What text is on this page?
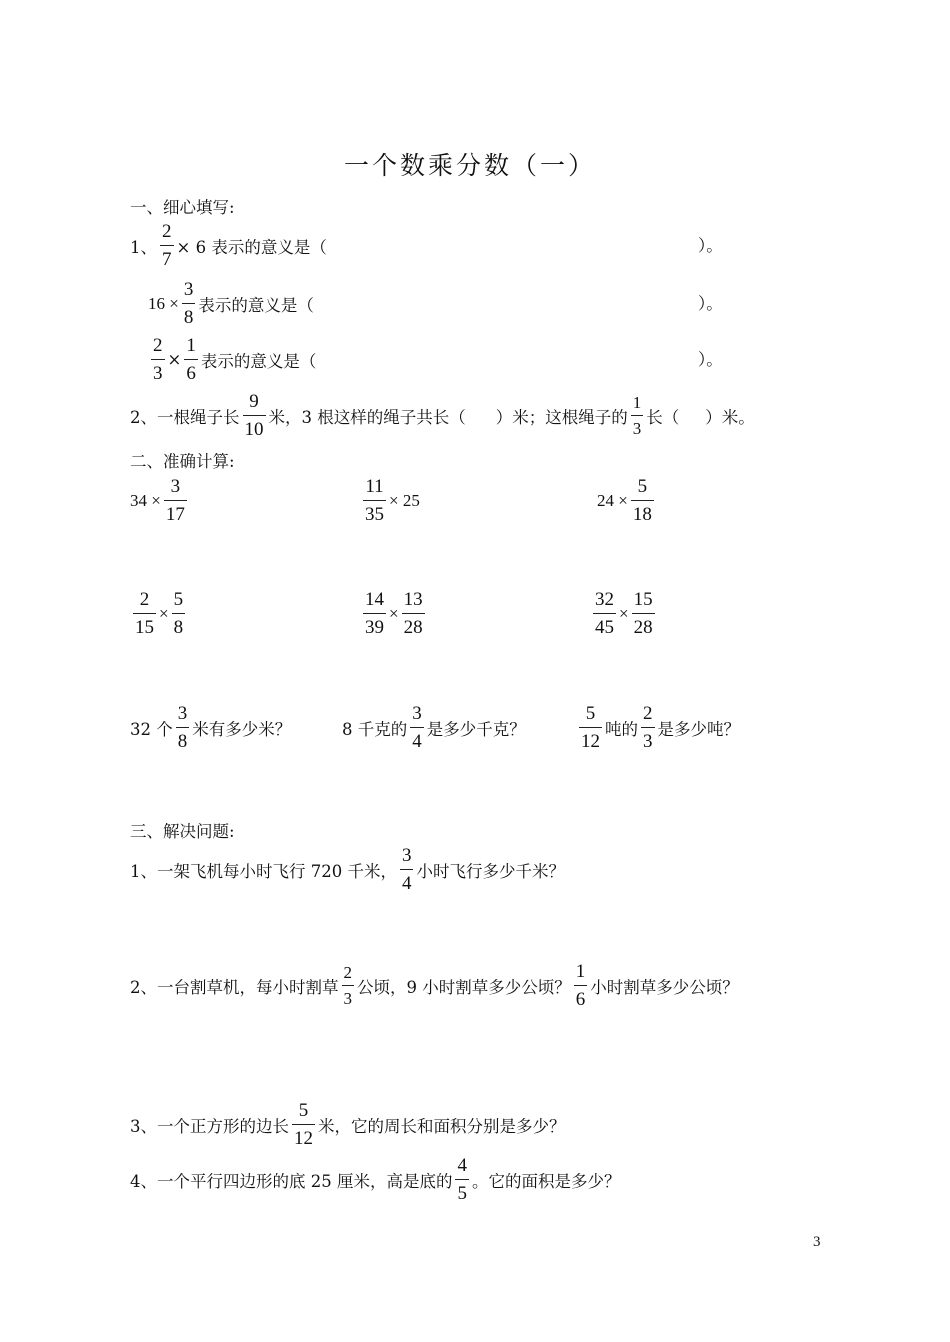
一个数乘分数（一）
一、细心填写:
1、 $\frac{2}{7} \times 6$ 表示的意义是（	）。
$16 \times \frac{3}{8}$ 表示的意义是（	）。
$\frac{2}{3} \times \frac{1}{6}$ 表示的意义是（	）。
2、一根绳子长 $\frac{9}{10}$ 米，3 根这样的绳子共长（ ）米；这根绳子的 $\frac{1}{3}$ 长（ ）米。
二、准确计算:
$34 \times \frac{3}{17}$	$\frac{11}{35} \times 25$	$24 \times \frac{5}{18}$
$\frac{2}{15} \times \frac{5}{8}$	$\frac{14}{39} \times \frac{13}{28}$	$\frac{32}{45} \times \frac{15}{28}$
32 个 $\frac{3}{8}$ 米有多少米？	8 千克的 $\frac{3}{4}$ 是多少千克？	$\frac{5}{12}$ 吨的 $\frac{2}{3}$ 是多少吨？
三、解决问题:
1、一架飞机每小时飞行 720 千米， $\frac{3}{4}$ 小时飞行多少千米？
2、一台割草机，每小时割草 $\frac{2}{3}$ 公顷，9 小时割草多少公顷？ $\frac{1}{6}$ 小时割草多少公顷？
3、一个正方形的边长 $\frac{5}{12}$ 米，它的周长和面积分别是多少？
4、一个平行四边形的底 25 厘米，高是底的 $\frac{4}{5}$ 。它的面积是多少？
3
